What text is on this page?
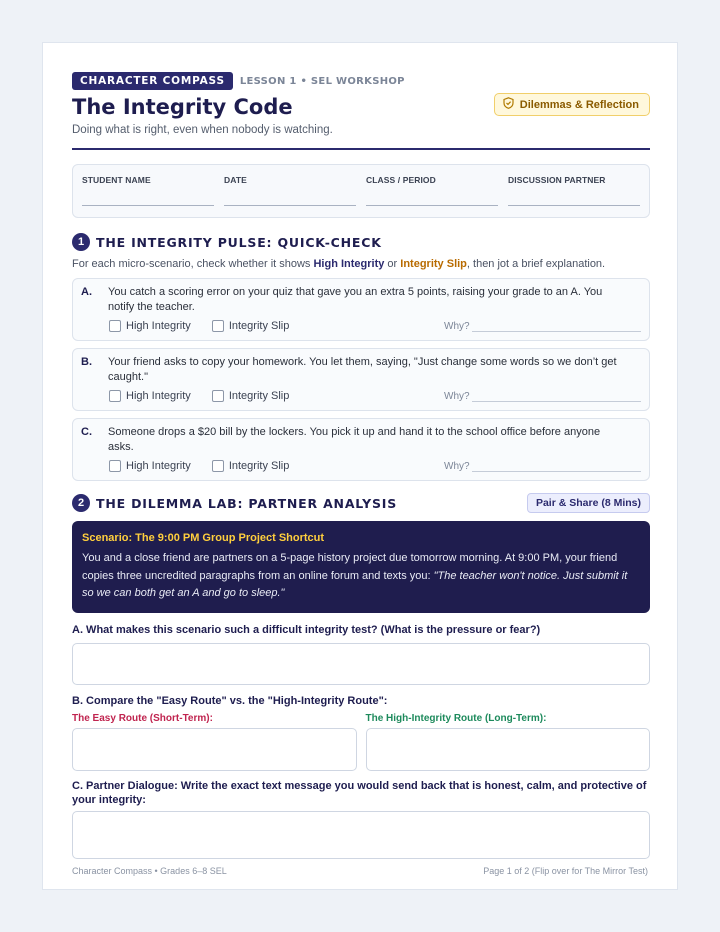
CHARACTER COMPASS	LESSON 1 • SEL WORKSHOP
The Integrity Code	Dilemmas & Reflection
Doing what is right, even when nobody is watching.
STUDENT NAME	DATE	CLASS / PERIOD	DISCUSSION PARTNER
1 THE INTEGRITY PULSE: QUICK-CHECK
For each micro-scenario, check whether it shows High Integrity or Integrity Slip, then jot a brief explanation.
A. You catch a scoring error on your quiz that gave you an extra 5 points, raising your grade to an A. You notify the teacher.
High Integrity	Integrity Slip	Why?
B. Your friend asks to copy your homework. You let them, saying, "Just change some words so we don’t get caught."
High Integrity	Integrity Slip	Why?
C. Someone drops a $20 bill by the lockers. You pick it up and hand it to the school office before anyone asks.
High Integrity	Integrity Slip	Why?
2 THE DILEMMA LAB: PARTNER ANALYSIS	Pair & Share (8 Mins)
Scenario: The 9:00 PM Group Project Shortcut
You and a close friend are partners on a 5-page history project due tomorrow morning. At 9:00 PM, your friend copies three uncredited paragraphs from an online forum and texts you: "The teacher won't notice. Just submit it so we can both get an A and go to sleep."
A. What makes this scenario such a difficult integrity test? (What is the pressure or fear?)
B. Compare the "Easy Route" vs. the "High-Integrity Route":
The Easy Route (Short-Term):	The High-Integrity Route (Long-Term):
C. Partner Dialogue: Write the exact text message you would send back that is honest, calm, and protective of your integrity:
Character Compass • Grades 6–8 SEL	Page 1 of 2 (Flip over for The Mirror Test)
